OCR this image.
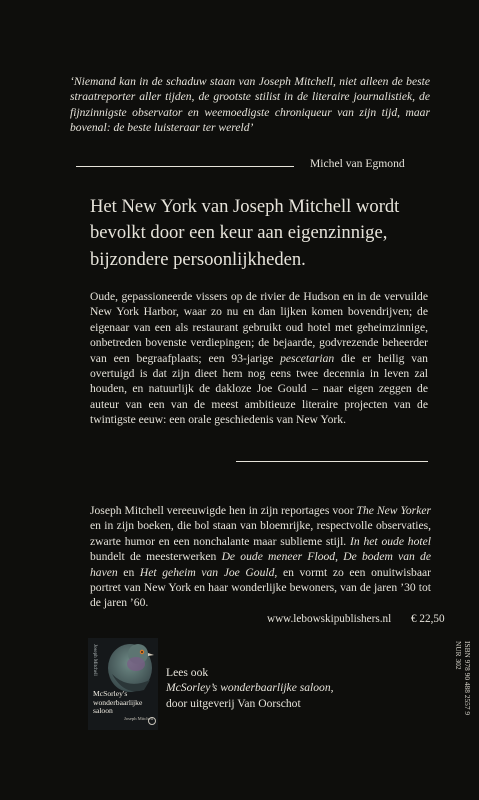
‘Niemand kan in de schaduw staan van Joseph Mitchell, niet alleen de beste straatreporter aller tijden, de grootste stilist in de literaire journalistiek, de fijnzinnigste observator en weemoedigste chroniqueur van zijn tijd, maar bovenal: de beste luisteraar ter wereld’
Michel van Egmond
Het New York van Joseph Mitchell wordt bevolkt door een keur aan eigenzinnige, bijzondere persoonlijkheden.
Oude, gepassioneerde vissers op de rivier de Hudson en in de vervuilde New York Harbor, waar zo nu en dan lijken komen bovendrijven; de eigenaar van een als restaurant gebruikt oud hotel met geheimzinnige, onbetreden bovenste verdiepingen; de bejaarde, godvrezende beheerder van een begraafplaats; een 93-jarige pescetarian die er heilig van overtuigd is dat zijn dieet hem nog eens twee decennia in leven zal houden, en natuurlijk de dakloze Joe Gould – naar eigen zeggen de auteur van een van de meest ambitieuze literaire projecten van de twintigste eeuw: een orale geschiedenis van New York.
Joseph Mitchell vereeuwigde hen in zijn reportages voor The New Yorker en in zijn boeken, die bol staan van bloemrijke, respectvolle observaties, zwarte humor en een nonchalante maar sublieme stijl. In het oude hotel bundelt de meesterwerken De oude meneer Flood, De bodem van de haven en Het geheim van Joe Gould, en vormt zo een onuitwisbaar portret van New York en haar wonderlijke bewoners, van de jaren ’30 tot de jaren ’60.
www.lebowskipublishers.nl € 22,50
ISBN 978 90 488 2557 9
NUR 302
Joseph Mitchell
McSorley's wonderbaarlijke saloon
Joseph Mitchell
Lees ook
McSorley’s wonderbaarlijke saloon,
door uitgeverij Van Oorschot
